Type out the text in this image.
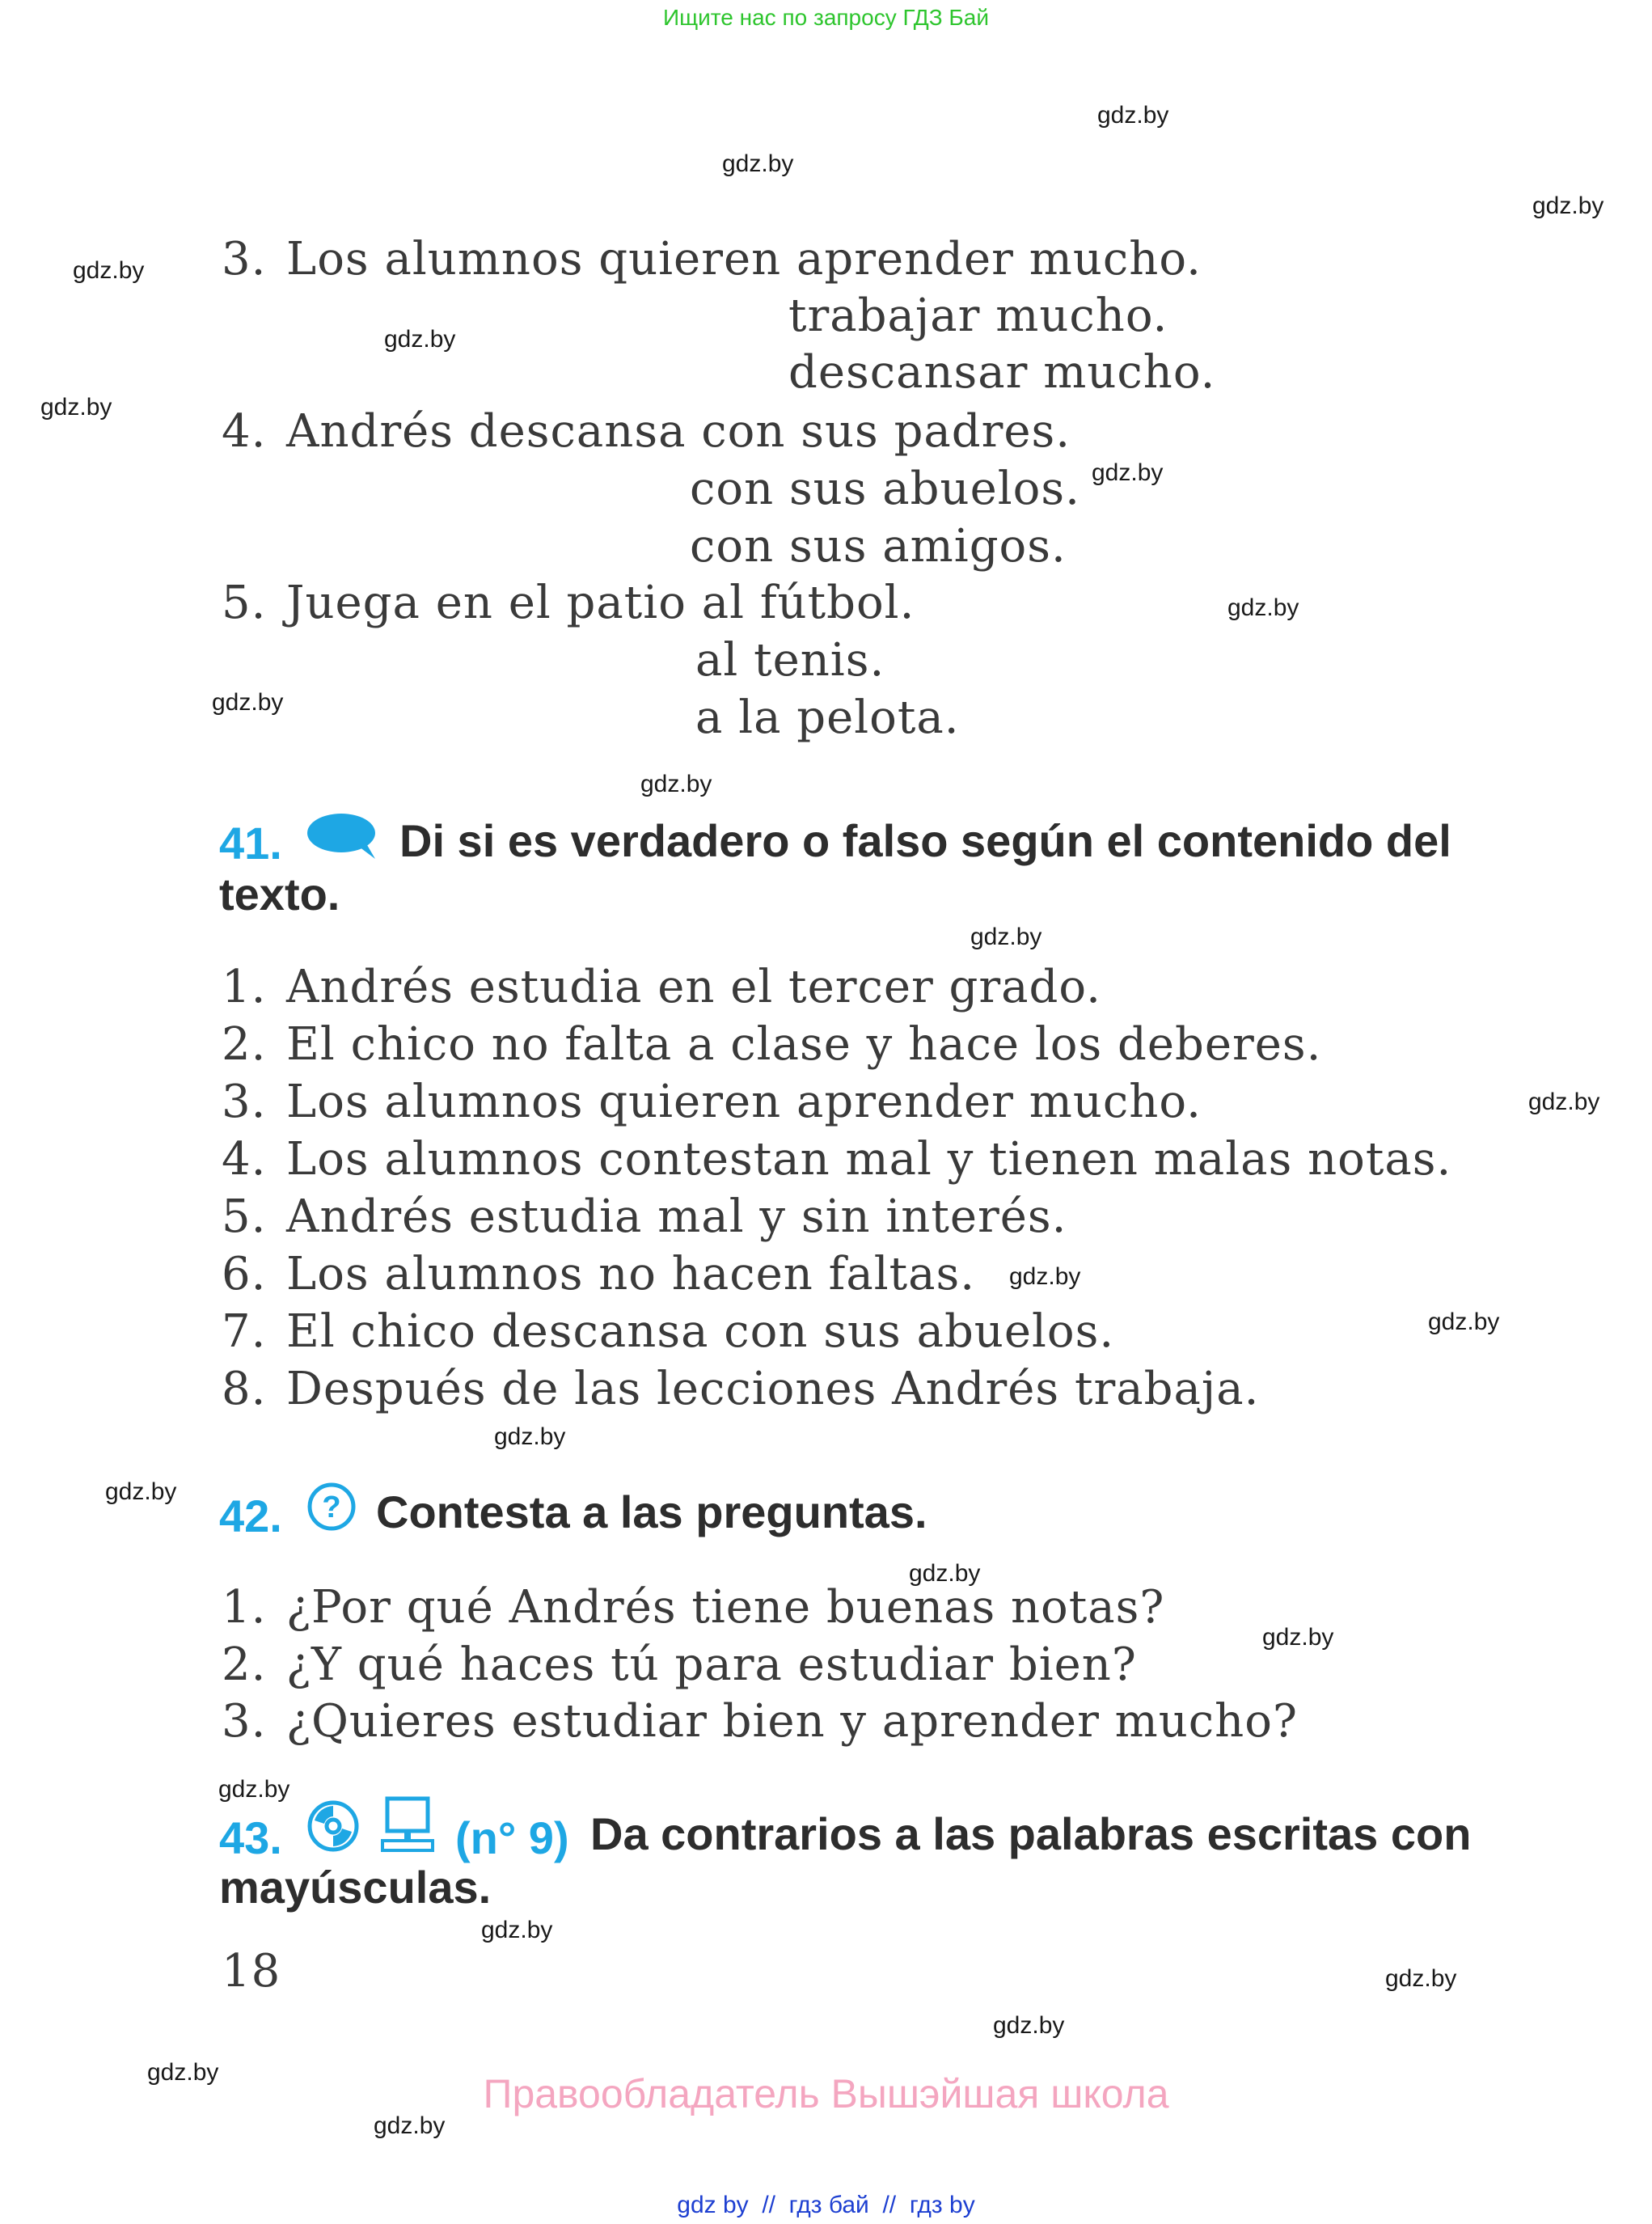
Ищите нас по запросу ГДЗ Бай
gdz.by
gdz.by
gdz.by
gdz.by
gdz.by
gdz.by
gdz.by
gdz.by
gdz.by
gdz.by
gdz.by
gdz.by
gdz.by
gdz.by
gdz.by
gdz.by
gdz.by
gdz.by
gdz.by
gdz.by
gdz.by
gdz.by
gdz.by
gdz.by
3. Los alumnos quieren aprender mucho.
trabajar mucho.
descansar mucho.
4. Andrés descansa con sus padres.
con sus abuelos.
con sus amigos.
5. Juega en el patio al fútbol.
al tenis.
a la pelota.
41.	Di si es verdadero o falso según el contenido del
texto.
1. Andrés estudia en el tercer grado.
2. El chico no falta a clase y hace los deberes.
3. Los alumnos quieren aprender mucho.
4. Los alumnos contestan mal y tienen malas notas.
5. Andrés estudia mal y sin interés.
6. Los alumnos no hacen faltas.
7. El chico descansa con sus abuelos.
8. Después de las lecciones Andrés trabaja.
42. ? Contesta a las preguntas.
1. ¿Por qué Andrés tiene buenas notas?
2. ¿Y qué haces tú para estudiar bien?
3. ¿Quieres estudiar bien y aprender mucho?
43.	(n° 9) Da contrarios a las palabras escritas con
mayúsculas.
18
Правообладатель Вышэйшая школа
gdz by  //  гдз бай  //  гдз by
